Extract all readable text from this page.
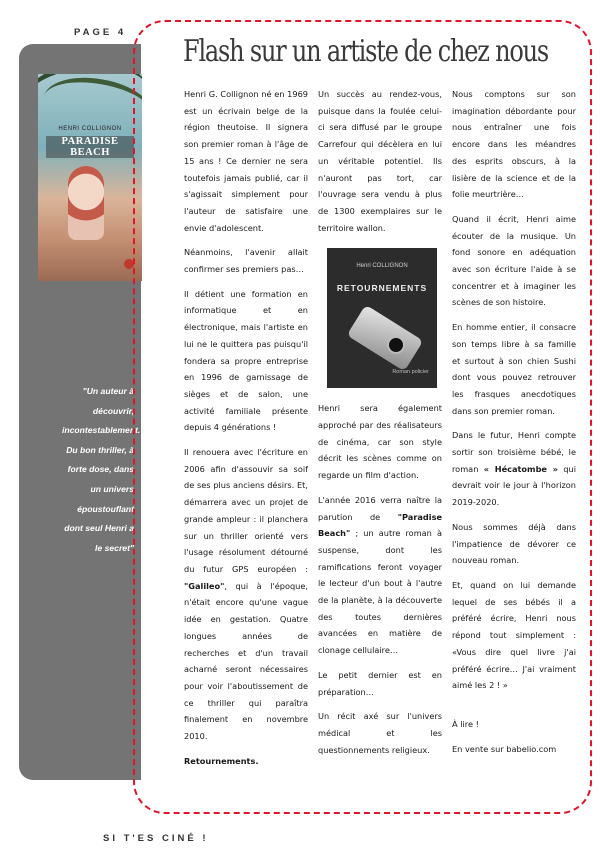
PAGE 4

HENRI COLLIGNON
PARADISE BEACH

"Un auteur à découvrir, incontestablement. Du bon thriller, à forte dose, dans un univers époustouflant dont seul Henri a le secret"

Flash sur un artiste de chez nous

Henri G. Collignon né en 1969 est un écrivain belge de la région theutoise. Il signera son premier roman à l'âge de 15 ans ! Ce dernier ne sera toutefois jamais publié, car il s'agissait simplement pour l'auteur de satisfaire une envie d'adolescent.

Néanmoins, l'avenir allait confirmer ses premiers pas…

Il détient une formation en informatique et en électronique, mais l'artiste en lui ne le quittera pas puisqu'il fondera sa propre entreprise en 1996 de garnissage de sièges et de salon, une activité familiale présente depuis 4 générations !

Il renouera avec l'écriture en 2006 afin d'assouvir sa soif de ses plus anciens désirs. Et, démarrera avec un projet de grande ampleur : il planchera sur un thriller orienté vers l'usage résolument détourné du futur GPS européen : "Galileo", qui à l'époque, n'était encore qu'une vague idée en gestation. Quatre longues années de recherches et d'un travail acharné seront nécessaires pour voir l'aboutissement de ce thriller qui paraîtra finalement en novembre 2010.

Retournements.

Un succès au rendez-vous, puisque dans la foulée celui-ci sera diffusé par le groupe Carrefour qui décèlera en lui un véritable potentiel. Ils n'auront pas tort, car l'ouvrage sera vendu à plus de 1300 exemplaires sur le territoire wallon.

Henri COLLIGNON
RETOURNEMENTS
Roman policier

Henri sera également approché par des réalisateurs de cinéma, car son style décrit les scènes comme on regarde un film d'action.

L'année 2016 verra naître la parution de "Paradise Beach" ; un autre roman à suspense, dont les ramifications feront voyager le lecteur d'un bout à l'autre de la planète, à la découverte des toutes dernières avancées en matière de clonage cellulaire…

Le petit dernier est en préparation…

Un récit axé sur l'univers médical et les questionnements religieux.

Nous comptons sur son imagination débordante pour nous entraîner une fois encore dans les méandres des esprits obscurs, à la lisière de la science et de la folie meurtrière…

Quand il écrit, Henri aime écouter de la musique. Un fond sonore en adéquation avec son écriture l'aide à se concentrer et à imaginer les scènes de son histoire.

En homme entier, il consacre son temps libre à sa famille et surtout à son chien Sushi dont vous pouvez retrouver les frasques anecdotiques dans son premier roman.

Dans le futur, Henri compte sortir son troisième bébé, le roman « Hécatombe » qui devrait voir le jour à l'horizon 2019-2020.

Nous sommes déjà dans l'impatience de dévorer ce nouveau roman.

Et, quand on lui demande lequel de ses bébés il a préféré écrire, Henri nous répond tout simplement : «Vous dire quel livre j'ai préféré écrire… J'ai vraiment aimé les 2 ! »

À lire !

En vente sur babelio.com

SI T'ES CINÉ !
